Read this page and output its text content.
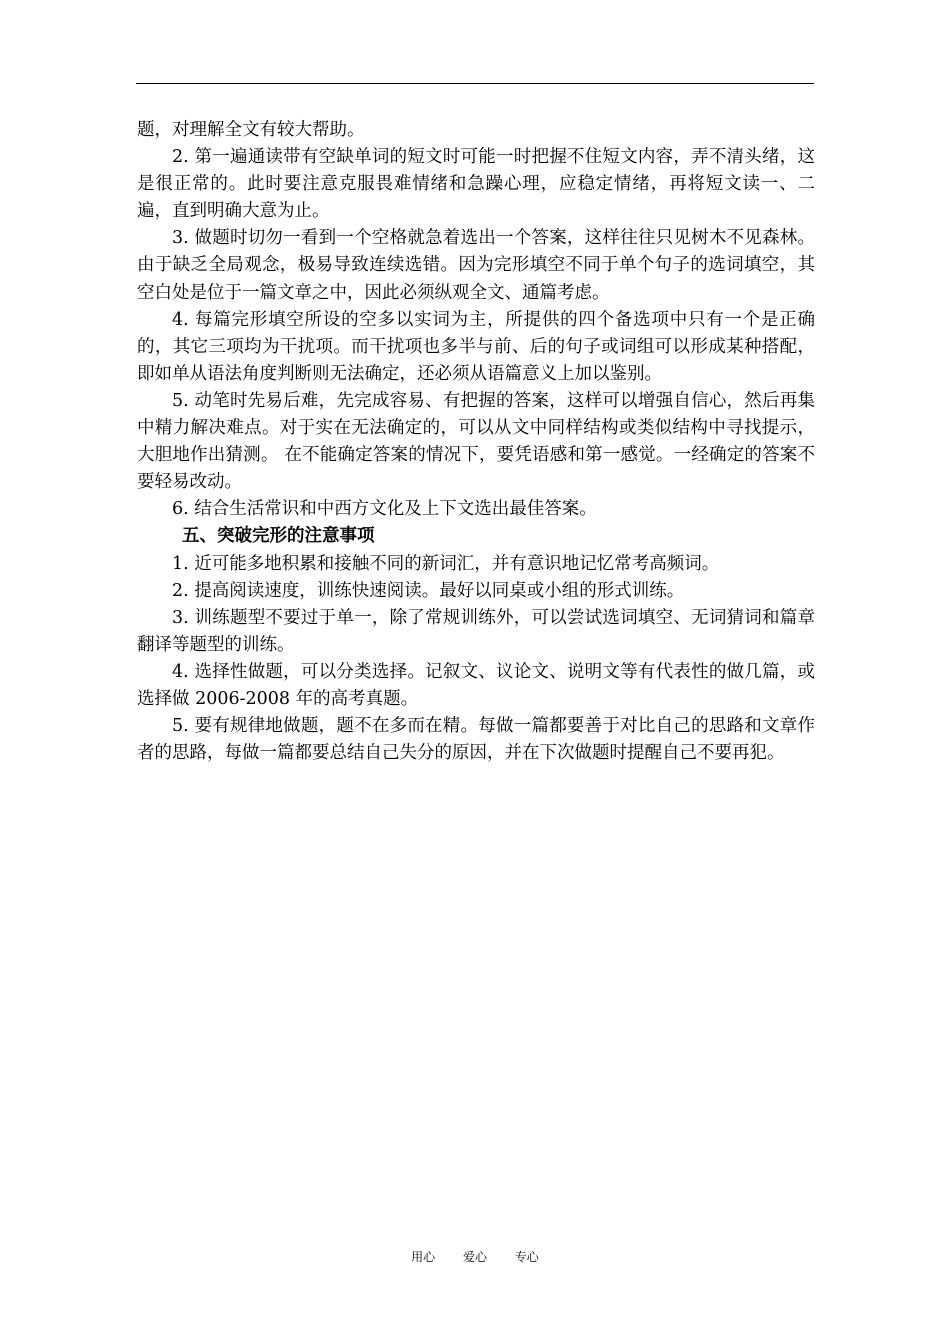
题，对理解全文有较大帮助。

2. 第一遍通读带有空缺单词的短文时可能一时把握不住短文内容，弄不清头绪，这是很正常的。此时要注意克服畏难情绪和急躁心理，应稳定情绪，再将短文读一、二遍，直到明确大意为止。

3. 做题时切勿一看到一个空格就急着选出一个答案，这样往往只见树木不见森林。由于缺乏全局观念，极易导致连续选错。因为完形填空不同于单个句子的选词填空，其空白处是位于一篇文章之中，因此必须纵观全文、通篇考虑。

4. 每篇完形填空所设的空多以实词为主，所提供的四个备选项中只有一个是正确的，其它三项均为干扰项。而干扰项也多半与前、后的句子或词组可以形成某种搭配，即如单从语法角度判断则无法确定，还必须从语篇意义上加以鉴别。

5. 动笔时先易后难，先完成容易、有把握的答案，这样可以增强自信心，然后再集中精力解决难点。对于实在无法确定的，可以从文中同样结构或类似结构中寻找提示，大胆地作出猜测。 在不能确定答案的情况下，要凭语感和第一感觉。一经确定的答案不要轻易改动。

6. 结合生活常识和中西方文化及上下文选出最佳答案。

五、突破完形的注意事项

1. 近可能多地积累和接触不同的新词汇，并有意识地记忆常考高频词。

2. 提高阅读速度，训练快速阅读。最好以同桌或小组的形式训练。

3. 训练题型不要过于单一，除了常规训练外，可以尝试选词填空、无词猜词和篇章翻译等题型的训练。

4. 选择性做题，可以分类选择。记叙文、议论文、说明文等有代表性的做几篇，或选择做 2006-2008 年的高考真题。

5. 要有规律地做题，题不在多而在精。每做一篇都要善于对比自己的思路和文章作者的思路，每做一篇都要总结自己失分的原因，并在下次做题时提醒自己不要再犯。

用心 爱心 专心
